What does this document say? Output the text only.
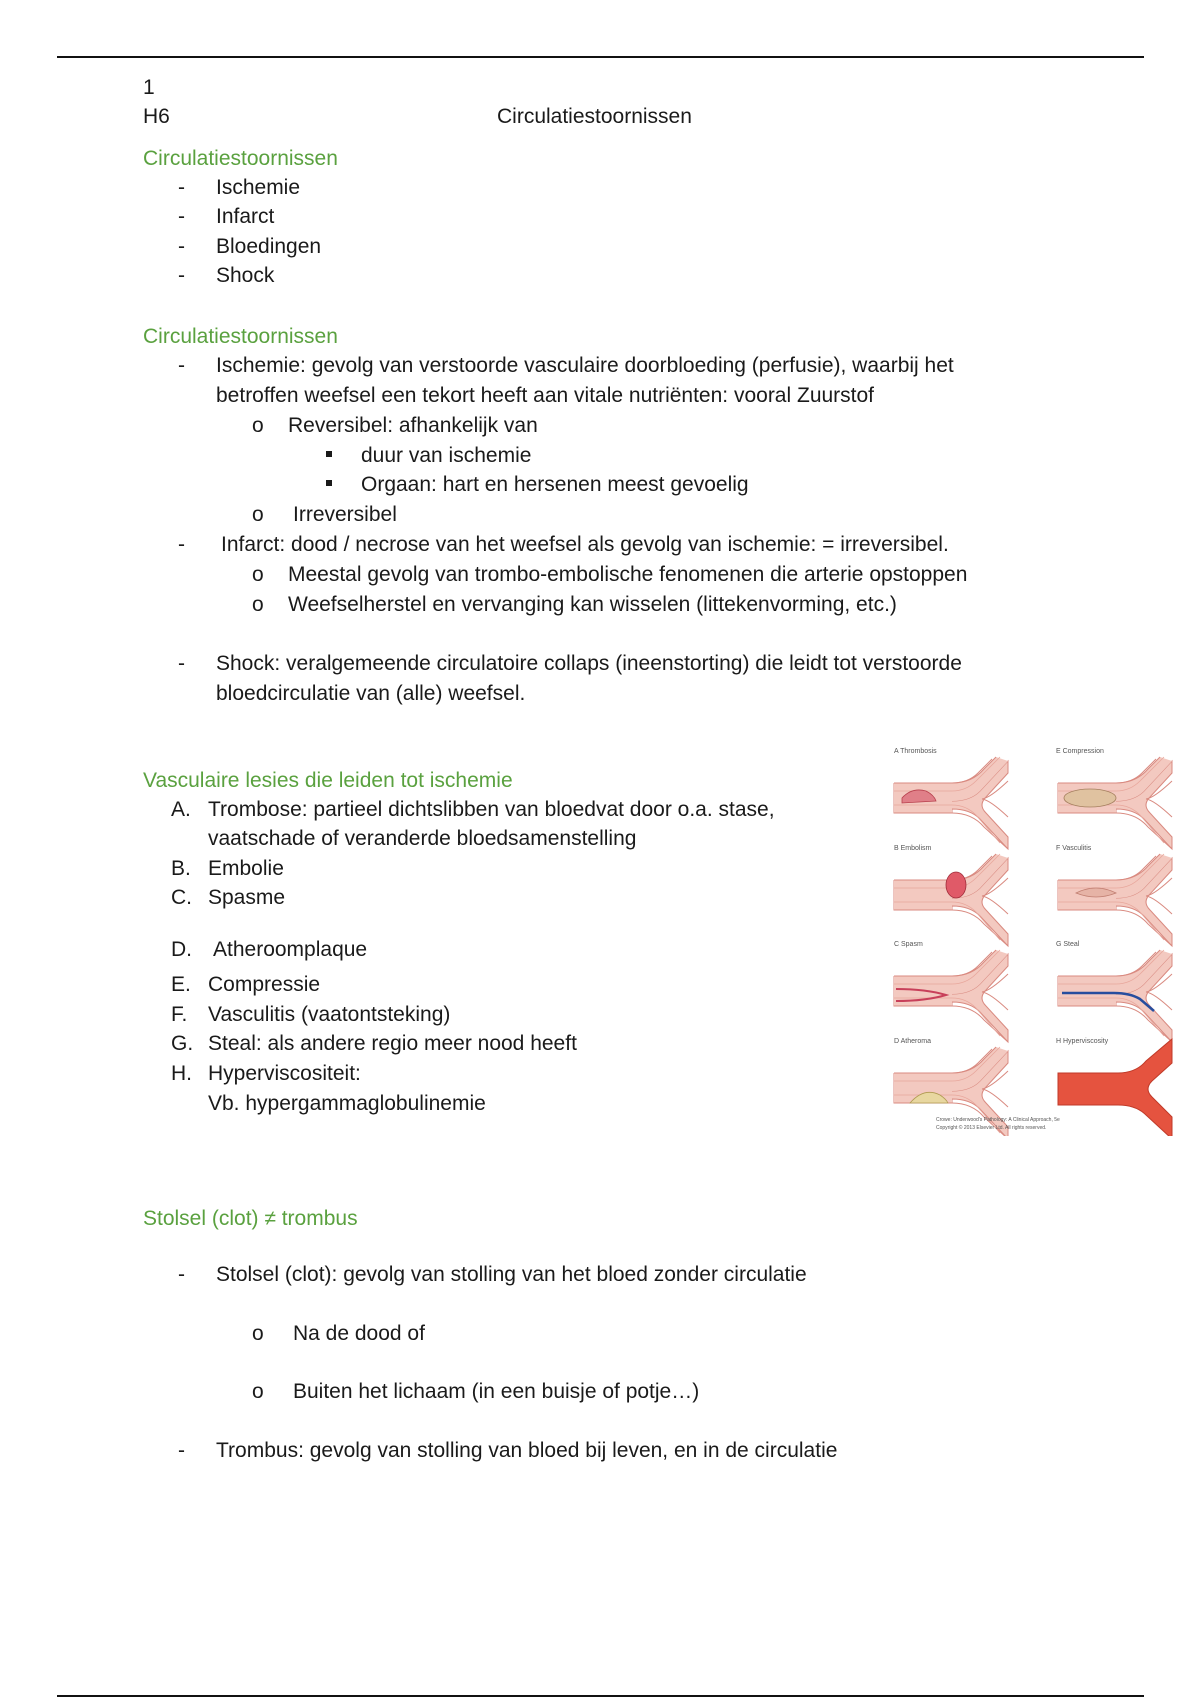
1
H6	Circulatiestoornissen
Circulatiestoornissen
- Ischemie
- Infarct
- Bloedingen
- Shock
Circulatiestoornissen
- Ischemie: gevolg van verstoorde vasculaire doorbloeding (perfusie), waarbij het
betroffen weefsel een tekort heeft aan vitale nutriënten: vooral Zuurstof
o Reversibel: afhankelijk van
duur van ischemie
Orgaan: hart en hersenen meest gevoelig
o Irreversibel
- Infarct: dood / necrose van het weefsel als gevolg van ischemie: = irreversibel.
o Meestal gevolg van trombo-embolische fenomenen die arterie opstoppen
o Weefselherstel en vervanging kan wisselen (littekenvorming, etc.)
- Shock: veralgemeende circulatoire collaps (ineenstorting) die leidt tot verstoorde
bloedcirculatie van (alle) weefsel.
Vasculaire lesies die leiden tot ischemie
A. Trombose: partieel dichtslibben van bloedvat door o.a. stase,
vaatschade of veranderde bloedsamenstelling
B. Embolie
C. Spasme
D. Atheroomplaque
E. Compressie
F. Vasculitis (vaatontsteking)
G. Steal: als andere regio meer nood heeft
H. Hyperviscositeit:
Vb. hypergammaglobulinemie
A Thrombosis	E Compression
B Embolism	F Vasculitis
C Spasm	G Steal
D Atheroma	H Hyperviscosity
Crowe: Underwood's Pathology: A Clinical Approach, 5e
Copyright © 2013 Elsevier Ltd. All rights reserved.
Stolsel (clot) ≠ trombus
- Stolsel (clot): gevolg van stolling van het bloed zonder circulatie
o Na de dood of
o Buiten het lichaam (in een buisje of potje…)
- Trombus: gevolg van stolling van bloed bij leven, en in de circulatie
